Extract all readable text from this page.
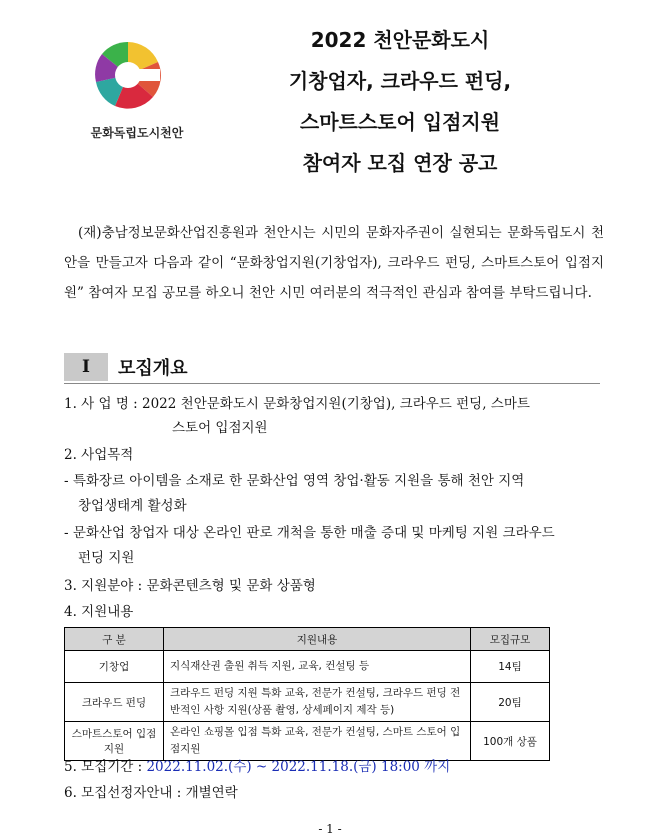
문화독립도시천안
2022 천안문화도시
기창업자, 크라우드 펀딩,
스마트스토어 입점지원
참여자 모집 연장 공고
(재)충남정보문화산업진흥원과 천안시는 시민의 문화자주권이 실현되는 문화독립도시 천안을 만들고자 다음과 같이 “문화창업지원(기창업자), 크라우드 펀딩, 스마트스토어 입점지원” 참여자 모집 공모를 하오니 천안 시민 여러분의 적극적인 관심과 참여를 부탁드립니다.
I	모집개요
1. 사 업 명 : 2022 천안문화도시 문화창업지원(기창업), 크라우드 펀딩, 스마트
스토어 입점지원
2. 사업목적
- 특화장르 아이템을 소재로 한 문화산업 영역 창업·활동 지원을 통해 천안 지역
창업생태계 활성화
- 문화산업 창업자 대상 온라인 판로 개척을 통한 매출 증대 및 마케팅 지원 크라우드
펀딩 지원
3. 지원분야 : 문화콘텐츠형 및 문화 상품형
4. 지원내용
구 분	지원내용	모집규모
기창업	지식재산권 출원 취득 지원, 교육, 컨설팅 등	14팀
크라우드 펀딩	크라우드 펀딩 지원 특화 교육, 전문가 컨설팅, 크라우드 펀딩 전반적인 사항 지원(상품 촬영, 상세페이지 제작 등)	20팀
스마트스토어 입점지원	온라인 쇼핑몰 입점 특화 교육, 전문가 컨설팅, 스마트 스토어 입점지원	100개 상품
5. 모집기간 : 2022.11.02.(수) ~ 2022.11.18.(금) 18:00 까지
6. 모집선정자안내 : 개별연락
- 1 -
